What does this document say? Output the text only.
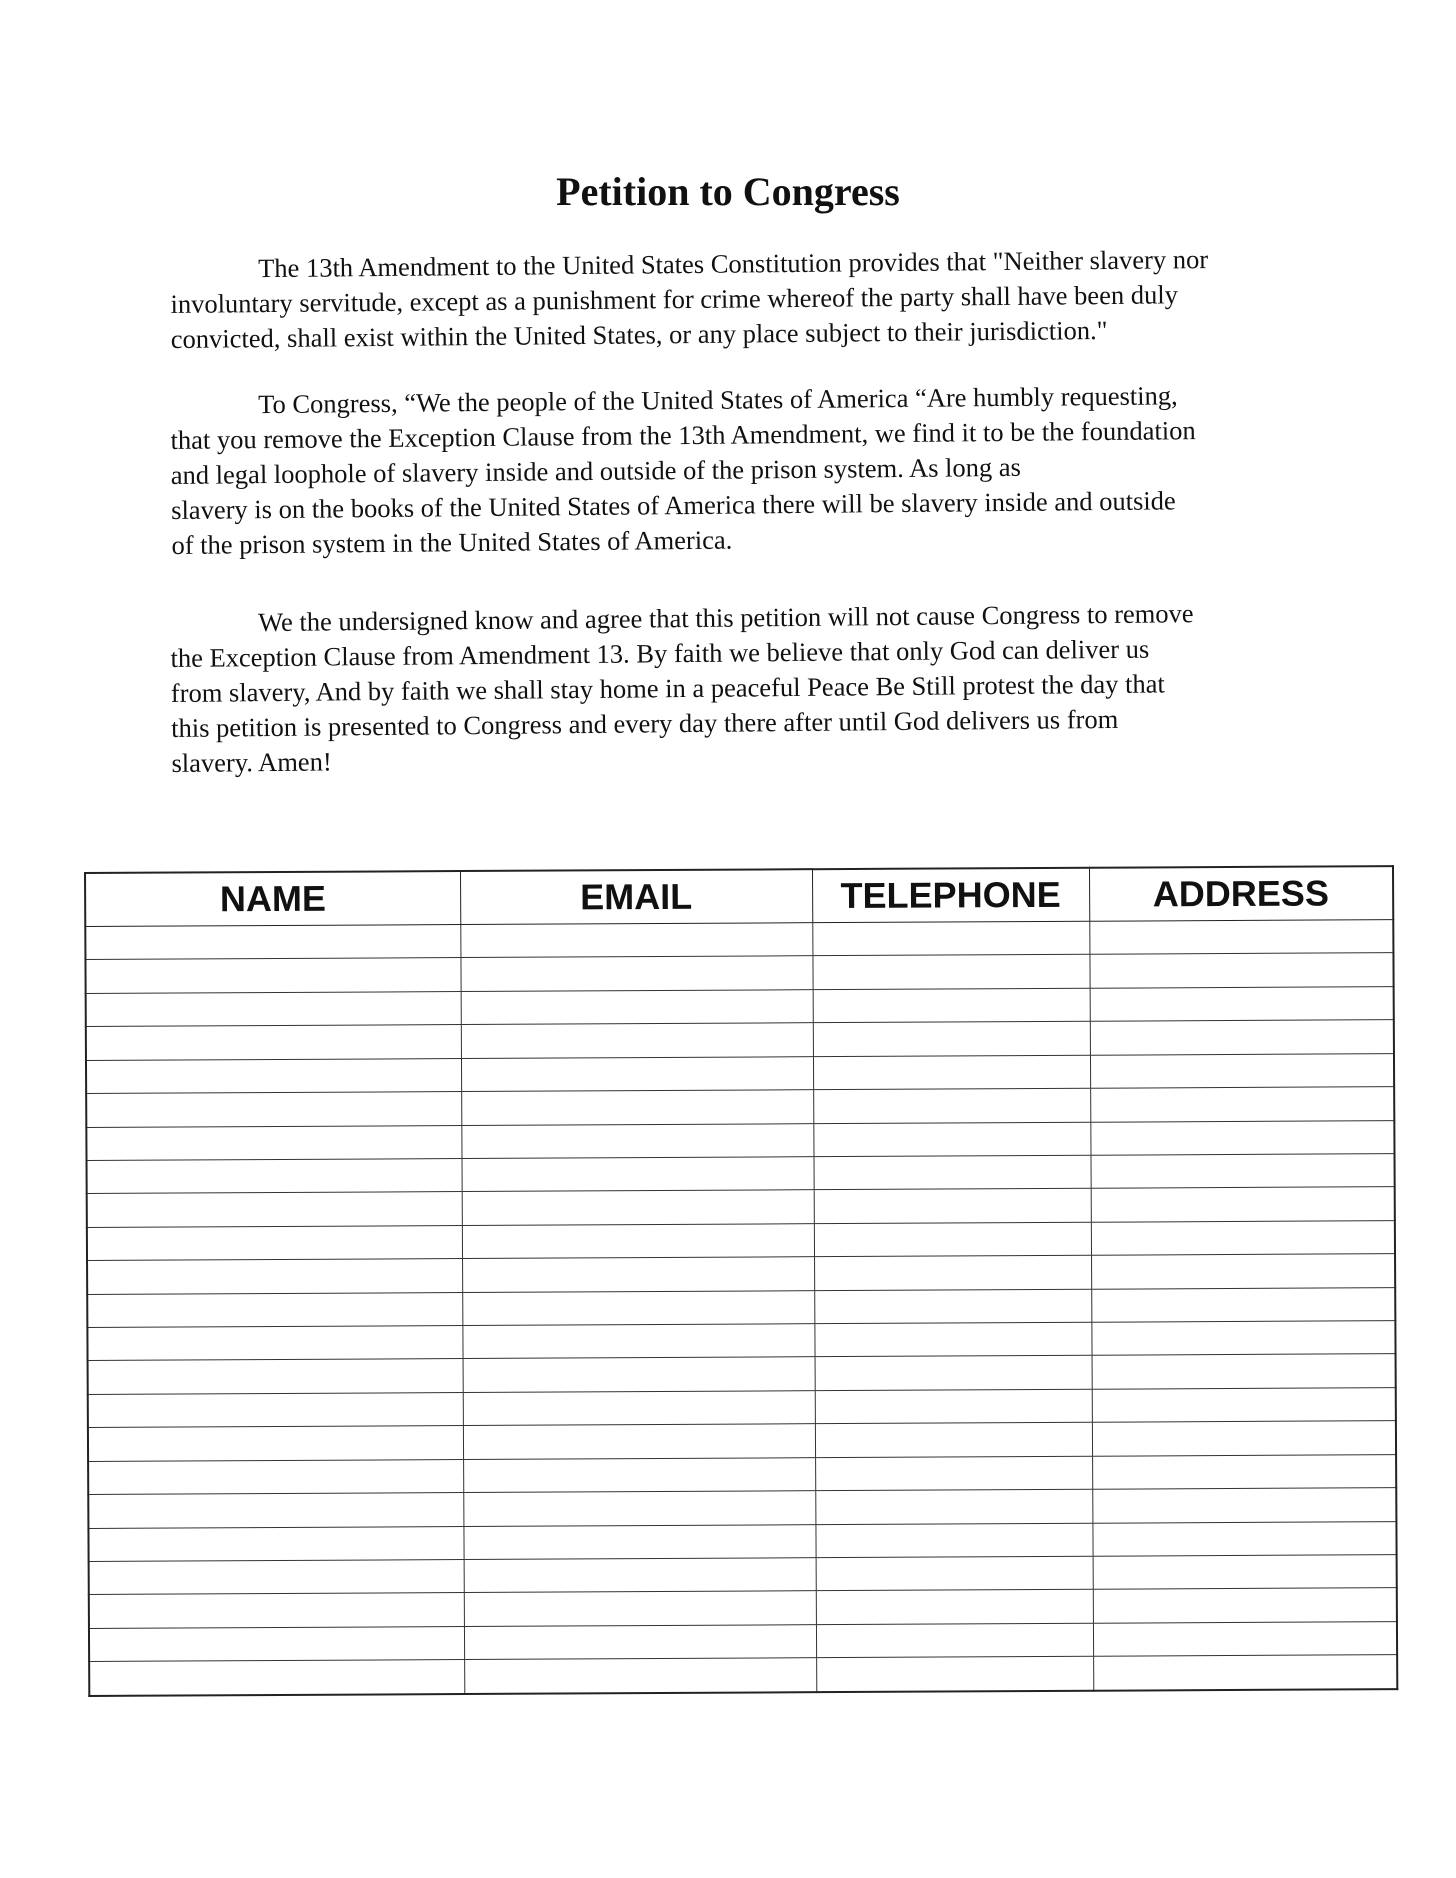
Petition to Congress
The 13th Amendment to the United States Constitution provides that "Neither slavery nor
involuntary servitude, except as a punishment for crime whereof the party shall have been duly
convicted, shall exist within the United States, or any place subject to their jurisdiction."
To Congress, “We the people of the United States of America “Are humbly requesting,
that you remove the Exception Clause from the 13th Amendment, we find it to be the foundation
and legal loophole of slavery inside and outside of the prison system. As long as
slavery is on the books of the United States of America there will be slavery inside and outside
of the prison system in the United States of America.
We the undersigned know and agree that this petition will not cause Congress to remove
the Exception Clause from Amendment 13. By faith we believe that only God can deliver us
from slavery, And by faith we shall stay home in a peaceful Peace Be Still protest the day that
this petition is presented to Congress and every day there after until God delivers us from
slavery. Amen!
NAME	EMAIL	TELEPHONE	ADDRESS
